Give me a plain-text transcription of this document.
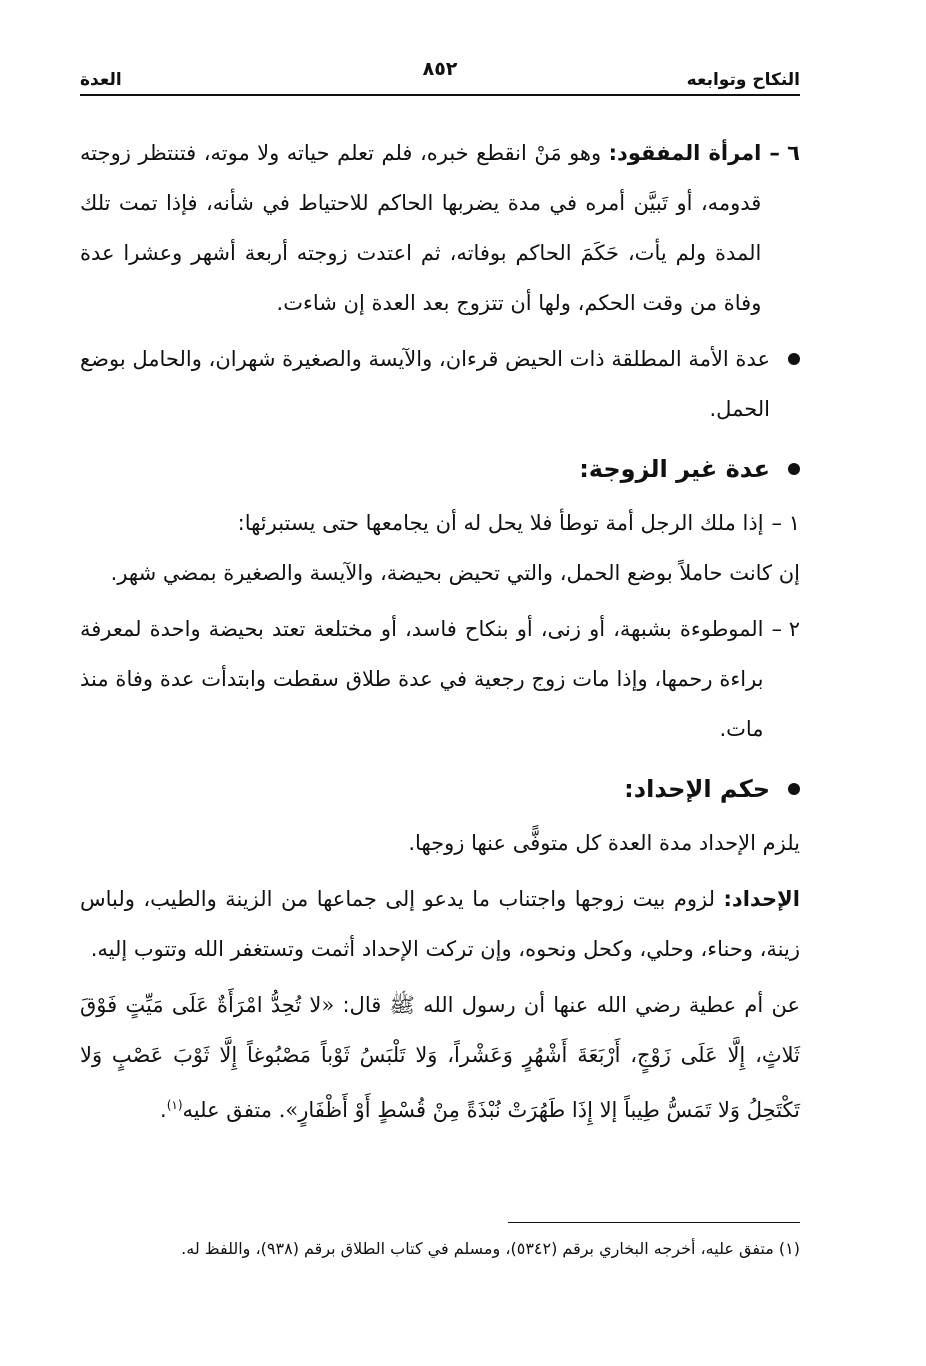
النكاح وتوابعه
٨٥٢
العدة
٦ –
امرأة المفقود: وهو مَنْ انقطع خبره، فلم تعلم حياته ولا موته، فتنتظر زوجته قدومه، أو تَبيَّن أمره في مدة يضربها الحاكم للاحتياط في شأنه، فإذا تمت تلك المدة ولم يأت، حَكَمَ الحاكم بوفاته، ثم اعتدت زوجته أربعة أشهر وعشرا عدة وفاة من وقت الحكم، ولها أن تتزوج بعد العدة إن شاءت.
عدة الأمة المطلقة ذات الحيض قرءان، والآيسة والصغيرة شهران، والحامل بوضع الحمل.
عدة غير الزوجة:
١ –
إذا ملك الرجل أمة توطأ فلا يحل له أن يجامعها حتى يستبرئها:
إن كانت حاملاً بوضع الحمل، والتي تحيض بحيضة، والآيسة والصغيرة بمضي شهر.
٢ –
الموطوءة بشبهة، أو زنى، أو بنكاح فاسد، أو مختلعة تعتد بحيضة واحدة لمعرفة براءة رحمها، وإذا مات زوج رجعية في عدة طلاق سقطت وابتدأت عدة وفاة منذ مات.
حكم الإحداد:
يلزم الإحداد مدة العدة كل متوفًّى عنها زوجها.
الإحداد: لزوم بيت زوجها واجتناب ما يدعو إلى جماعها من الزينة والطيب، ولباس زينة، وحناء، وحلي، وكحل ونحوه، وإن تركت الإحداد أثمت وتستغفر الله وتتوب إليه.
عن أم عطية رضي الله عنها أن رسول الله ﷺ قال: «لا تُحِدُّ امْرَأَةٌ عَلَى مَيِّتٍ فَوْقَ ثَلاثٍ، إِلَّا عَلَى زَوْجٍ، أَرْبَعَةَ أَشْهُرٍ وَعَشْراً، وَلا تَلْبَسُ ثَوْباً مَصْبُوغاً إِلَّا ثَوْبَ عَصْبٍ وَلا تَكْتَحِلُ وَلا تَمَسُّ طِيباً إلا إِذَا طَهُرَتْ نُبْذَةً مِنْ قُسْطٍ أَوْ أَظْفَارٍ». متفق عليه$^{(١)}$.
(١) متفق عليه، أخرجه البخاري برقم (٥٣٤٢)، ومسلم في كتاب الطلاق برقم (٩٣٨)، واللفظ له.
